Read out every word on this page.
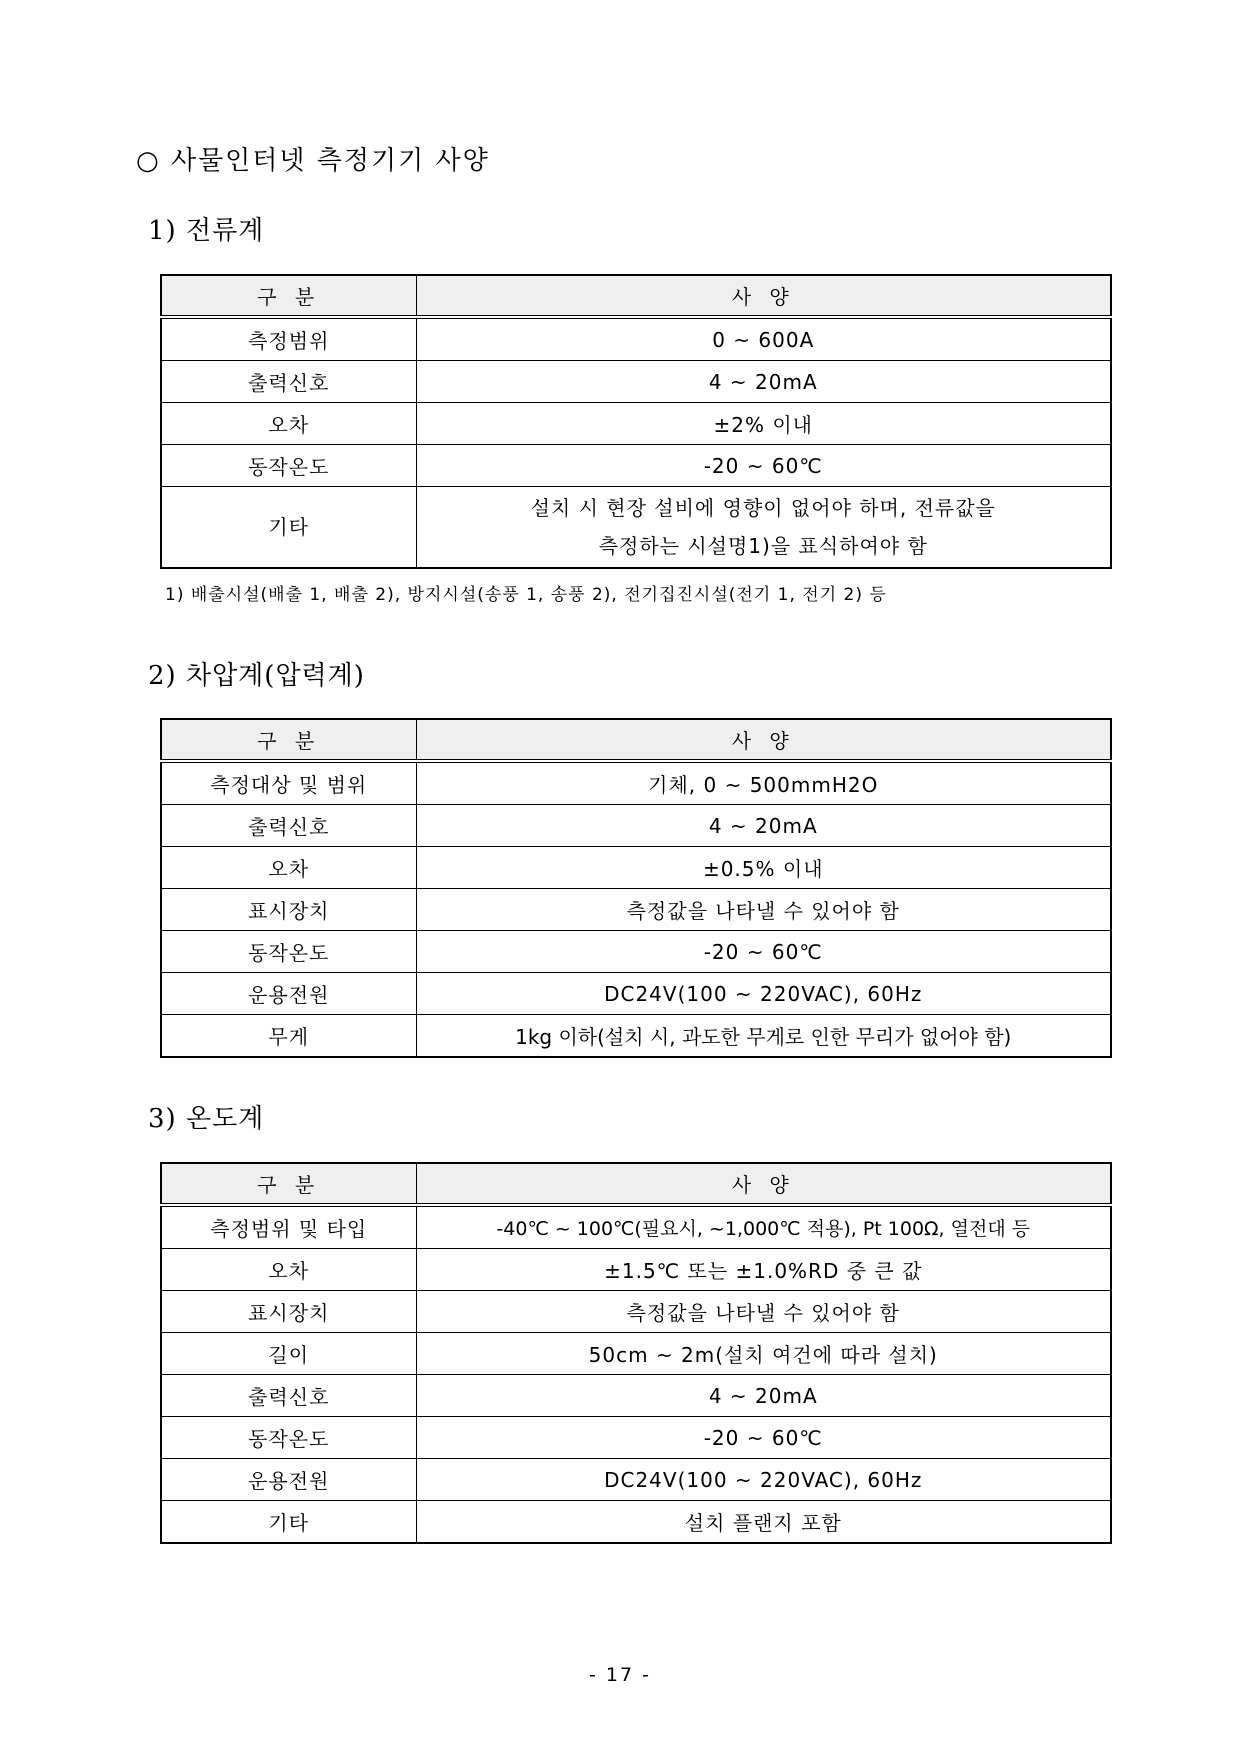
○ 사물인터넷 측정기기 사양
1) 전류계
구 분	사 양
측정범위	0 ~ 600A
출력신호	4 ~ 20mA
오차	±2% 이내
동작온도	-20 ~ 60℃
기타	설치 시 현장 설비에 영향이 없어야 하며, 전류값을
측정하는 시설명1)을 표식하여야 함
1) 배출시설(배출 1, 배출 2), 방지시설(송풍 1, 송풍 2), 전기집진시설(전기 1, 전기 2) 등
2) 차압계(압력계)
구 분	사 양
측정대상 및 범위	기체, 0 ~ 500mmH2O
출력신호	4 ~ 20mA
오차	±0.5% 이내
표시장치	측정값을 나타낼 수 있어야 함
동작온도	-20 ~ 60℃
운용전원	DC24V(100 ~ 220VAC), 60Hz
무게	1kg 이하(설치 시, 과도한 무게로 인한 무리가 없어야 함)
3) 온도계
구 분	사 양
측정범위 및 타입	-40℃ ~ 100℃(필요시, ~1,000℃ 적용), Pt 100Ω, 열전대 등
오차	±1.5℃ 또는 ±1.0%RD 중 큰 값
표시장치	측정값을 나타낼 수 있어야 함
길이	50cm ~ 2m(설치 여건에 따라 설치)
출력신호	4 ~ 20mA
동작온도	-20 ~ 60℃
운용전원	DC24V(100 ~ 220VAC), 60Hz
기타	설치 플랜지 포함
- 17 -
